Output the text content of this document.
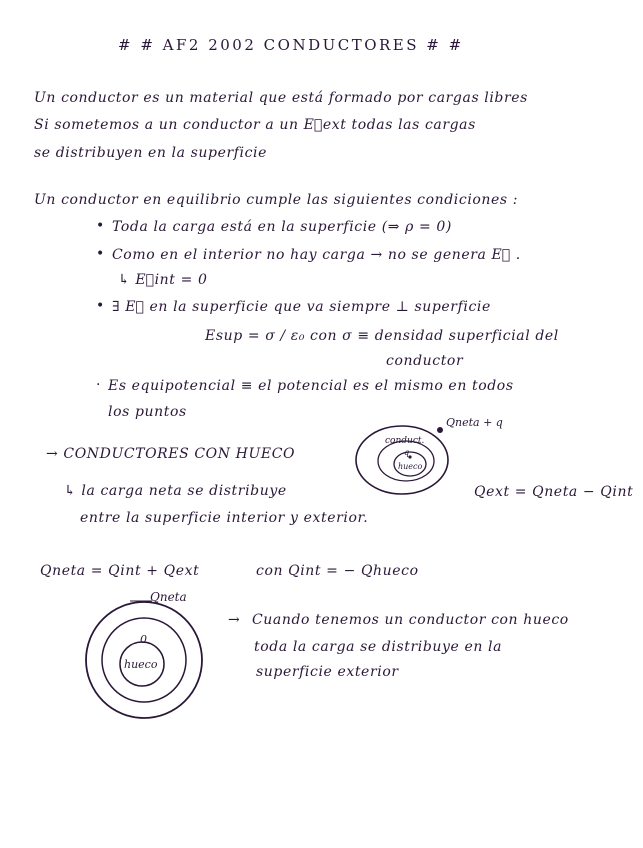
# # AF2 2002 CONDUCTORES # #
Un conductor es un material que está formado por cargas libres
Si sometemos a un conductor a un E⃗ext todas las cargas
se distribuyen en la superficie
Un conductor en equilibrio cumple las siguientes condiciones :
• Toda la carga está en la superficie (⇒ ρ = 0)
• Como en el interior no hay carga → no se genera E⃗ .
↳ E⃗int = 0
• ∃ E⃗ en la superficie que va siempre ⊥ superficie
Esup = σ / ε₀ con σ ≡ densidad superficial del
conductor
· Es equipotencial ≡ el potencial es el mismo en todos
los puntos
→ CONDUCTORES CON HUECO
↳ la carga neta se distribuye
entre la superficie interior y exterior.
Qext = Qneta − Qint
conduct.
hueco
q
Qneta + q
Qneta
0
hueco
Qneta = Qint + Qext	con Qint = − Qhueco
→ Cuando tenemos un conductor con hueco
toda la carga se distribuye en la
superficie exterior
